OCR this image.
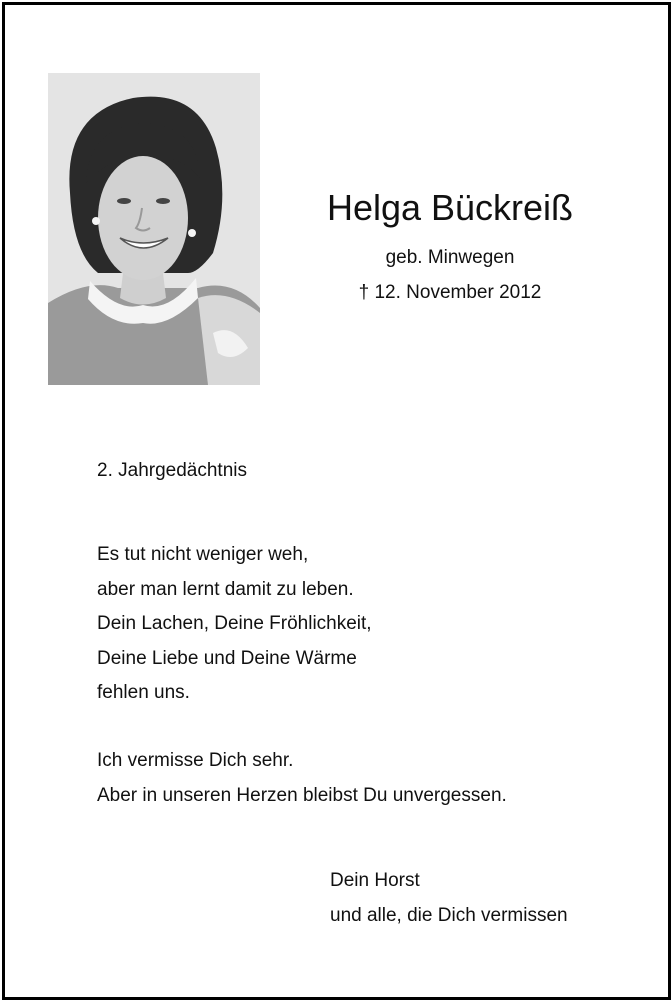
Helga Bückreiß
geb. Minwegen
† 12. November 2012
2. Jahrgedächtnis
Es tut nicht weniger weh,
aber man lernt damit zu leben.
Dein Lachen, Deine Fröhlichkeit,
Deine Liebe und Deine Wärme
fehlen uns.
Ich vermisse Dich sehr.
Aber in unseren Herzen bleibst Du unvergessen.
Dein Horst
und alle, die Dich vermissen
